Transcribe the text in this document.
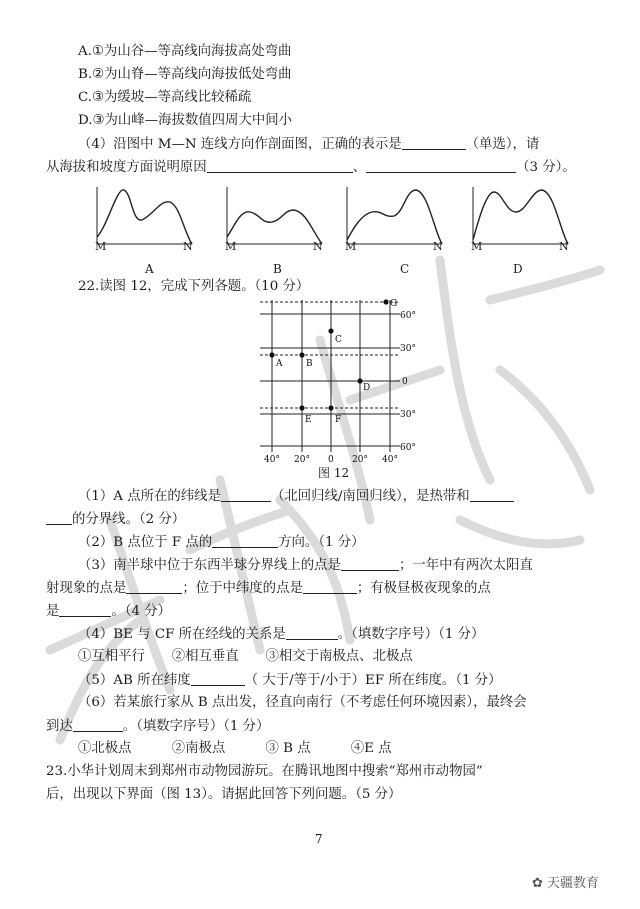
A.①为山谷—等高线向海拔高处弯曲
B.②为山脊—等高线向海拔低处弯曲
C.③为缓坡—等高线比较稀疏
D.③为山峰—海拔数值四周大中间小
（4）沿图中 M—N 连线方向作剖面图，正确的表示是	（单选），请
从海拔和坡度方面说明原因	、	（3 分）。
M	N
A
M	N
B
M	N
C
M	N
D
22.读图 12，完成下列各题。（10 分）
A	B
C
D
E	F
G
60°
30°
0
30°
60°
40° 20° 0 20° 40°
图 12
（1）A 点所在的纬线是	（北回归线/南回归线），是热带和
的分界线。（2 分）
（2）B 点位于 F 点的	方向。（1 分）
（3）南半球中位于东西半球分界线上的点是	；一年中有两次太阳直
射现象的点是	；位于中纬度的点是	；有极昼极夜现象的点
是	。（4 分）
（4）BE 与 CF 所在经线的关系是	。（填数字序号）（1 分）
①互相平行　　②相互垂直　　③相交于南极点、北极点
（5）AB 所在纬度	（ 大于/等于/小于）EF 所在纬度。（1 分）
（6）若某旅行家从 B 点出发，径直向南行（不考虑任何环境因素），最终会
到达	。（填数字序号）（1 分）
①北极点　　　②南极点　　　③ B 点　　　④E 点
23.小华计划周末到郑州市动物园游玩。在腾讯地图中搜索“郑州市动物园”
后，出现以下界面（图 13）。请据此回答下列问题。（5 分）
7
✿ 天疆教育
